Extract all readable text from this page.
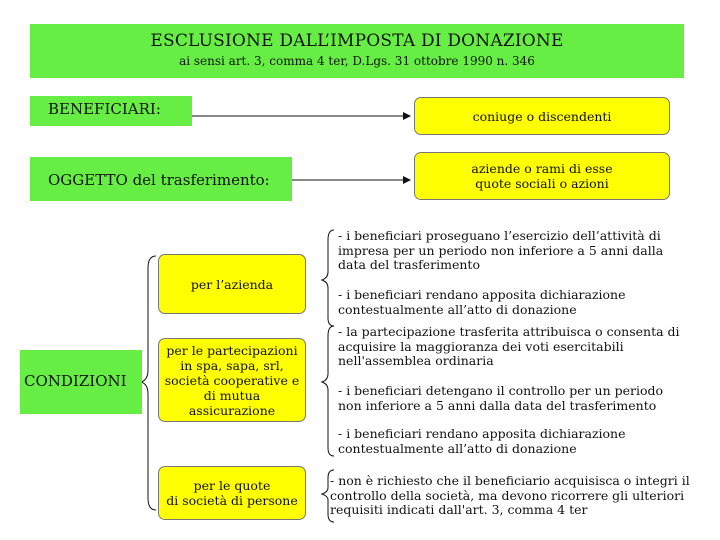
ESCLUSIONE DALL’IMPOSTA DI DONAZIONE
ai sensi art. 3, comma 4 ter, D.Lgs. 31 ottobre 1990 n. 346
BENEFICIARI:
OGGETTO del trasferimento:
CONDIZIONI
coniuge o discendenti
aziende o rami di esse
quote sociali o azioni
per l’azienda
per le partecipazioni
in spa, sapa, srl,
società cooperative e
di mutua assicurazione
per le quote
di società di persone
- i beneficiari proseguano l’esercizio dell’attività di impresa per un periodo non inferiore a 5 anni dalla data del trasferimento
- i beneficiari rendano apposita dichiarazione contestualmente all’atto di donazione
- la partecipazione trasferita attribuisca o consenta di acquisire la maggioranza dei voti esercitabili nell'assemblea ordinaria
- i beneficiari detengano il controllo per un periodo non inferiore a 5 anni dalla data del trasferimento
- i beneficiari rendano apposita dichiarazione contestualmente all’atto di donazione
- non è richiesto che il beneficiario acquisisca o integri il controllo della società, ma devono ricorrere gli ulteriori requisiti indicati dall'art. 3, comma 4 ter
